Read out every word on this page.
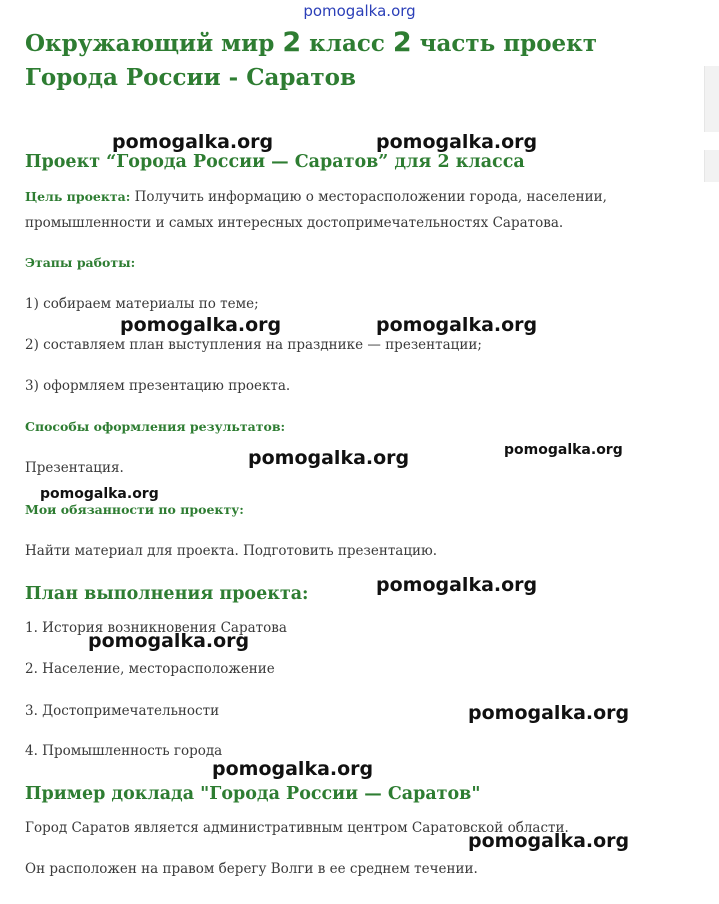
pomogalka.org
Окружающий мир 2 класс 2 часть проект Города России - Саратов
Проект “Города России — Саратов” для 2 класса
Цель проекта: Получить информацию о месторасположении города, населении, промышленности и самых интересных достопримечательностях Саратова.
Этапы работы:
1) собираем материалы по теме;
2) составляем план выступления на празднике — презентации;
3) оформляем презентацию проекта.
Способы оформления результатов:
Презентация.
Мои обязанности по проекту:
Найти материал для проекта. Подготовить презентацию.
План выполнения проекта:
1. История возникновения Саратова
2. Население, месторасположение
3. Достопримечательности
4. Промышленность города
Пример доклада "Города России — Саратов"
Город Саратов является административным центром Саратовской области.
Он расположен на правом берегу Волги в ее среднем течении.
pomogalka.org	pomogalka.org
pomogalka.org	pomogalka.org
pomogalka.org	pomogalka.org
pomogalka.org
pomogalka.org
pomogalka.org
pomogalka.org
pomogalka.org
pomogalka.org
